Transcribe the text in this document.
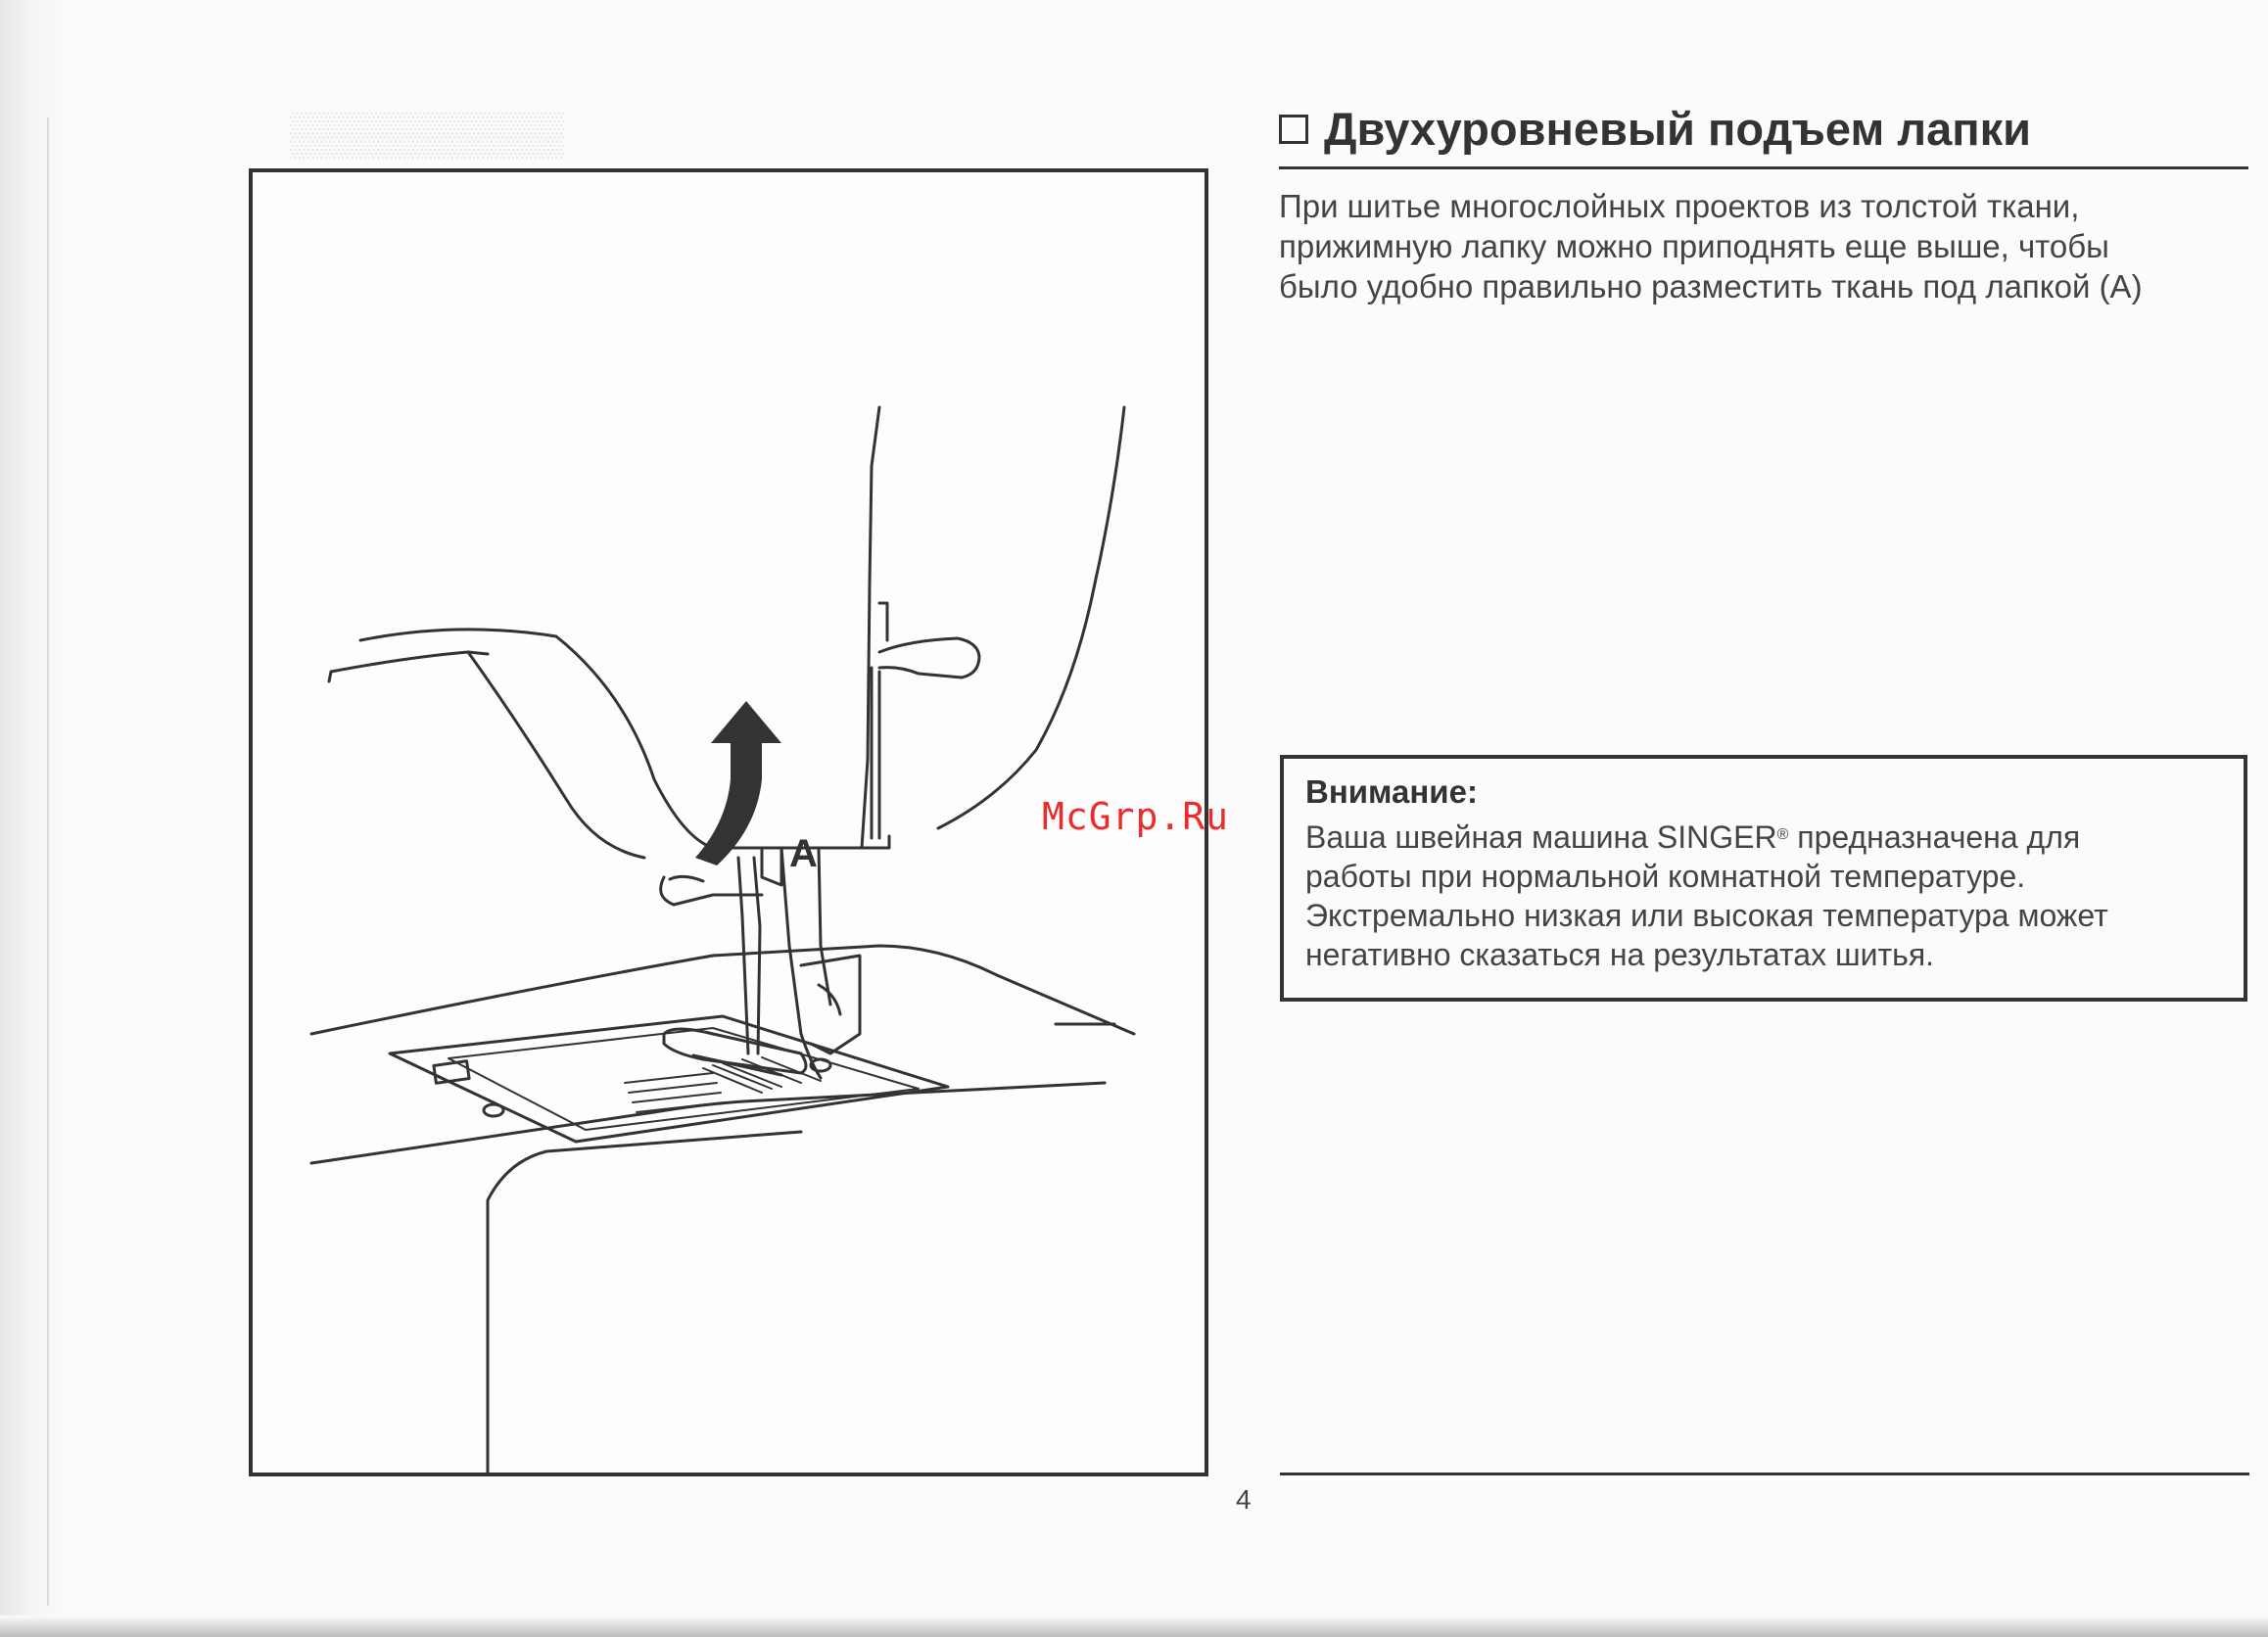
▒▒▒▒▒▒▒▒▒
A
Двухуровневый подъем лапки
При шитье многослойных проектов из толстой ткани,
прижимную лапку можно приподнять еще выше, чтобы
было удобно правильно разместить ткань под лапкой (А)
Внимание:
Ваша швейная машина SINGER® предназначена для
работы при нормальной комнатной температуре.
Экстремально низкая или высокая температура может
негативно сказаться на результатах шитья.
McGrp.Ru
4
